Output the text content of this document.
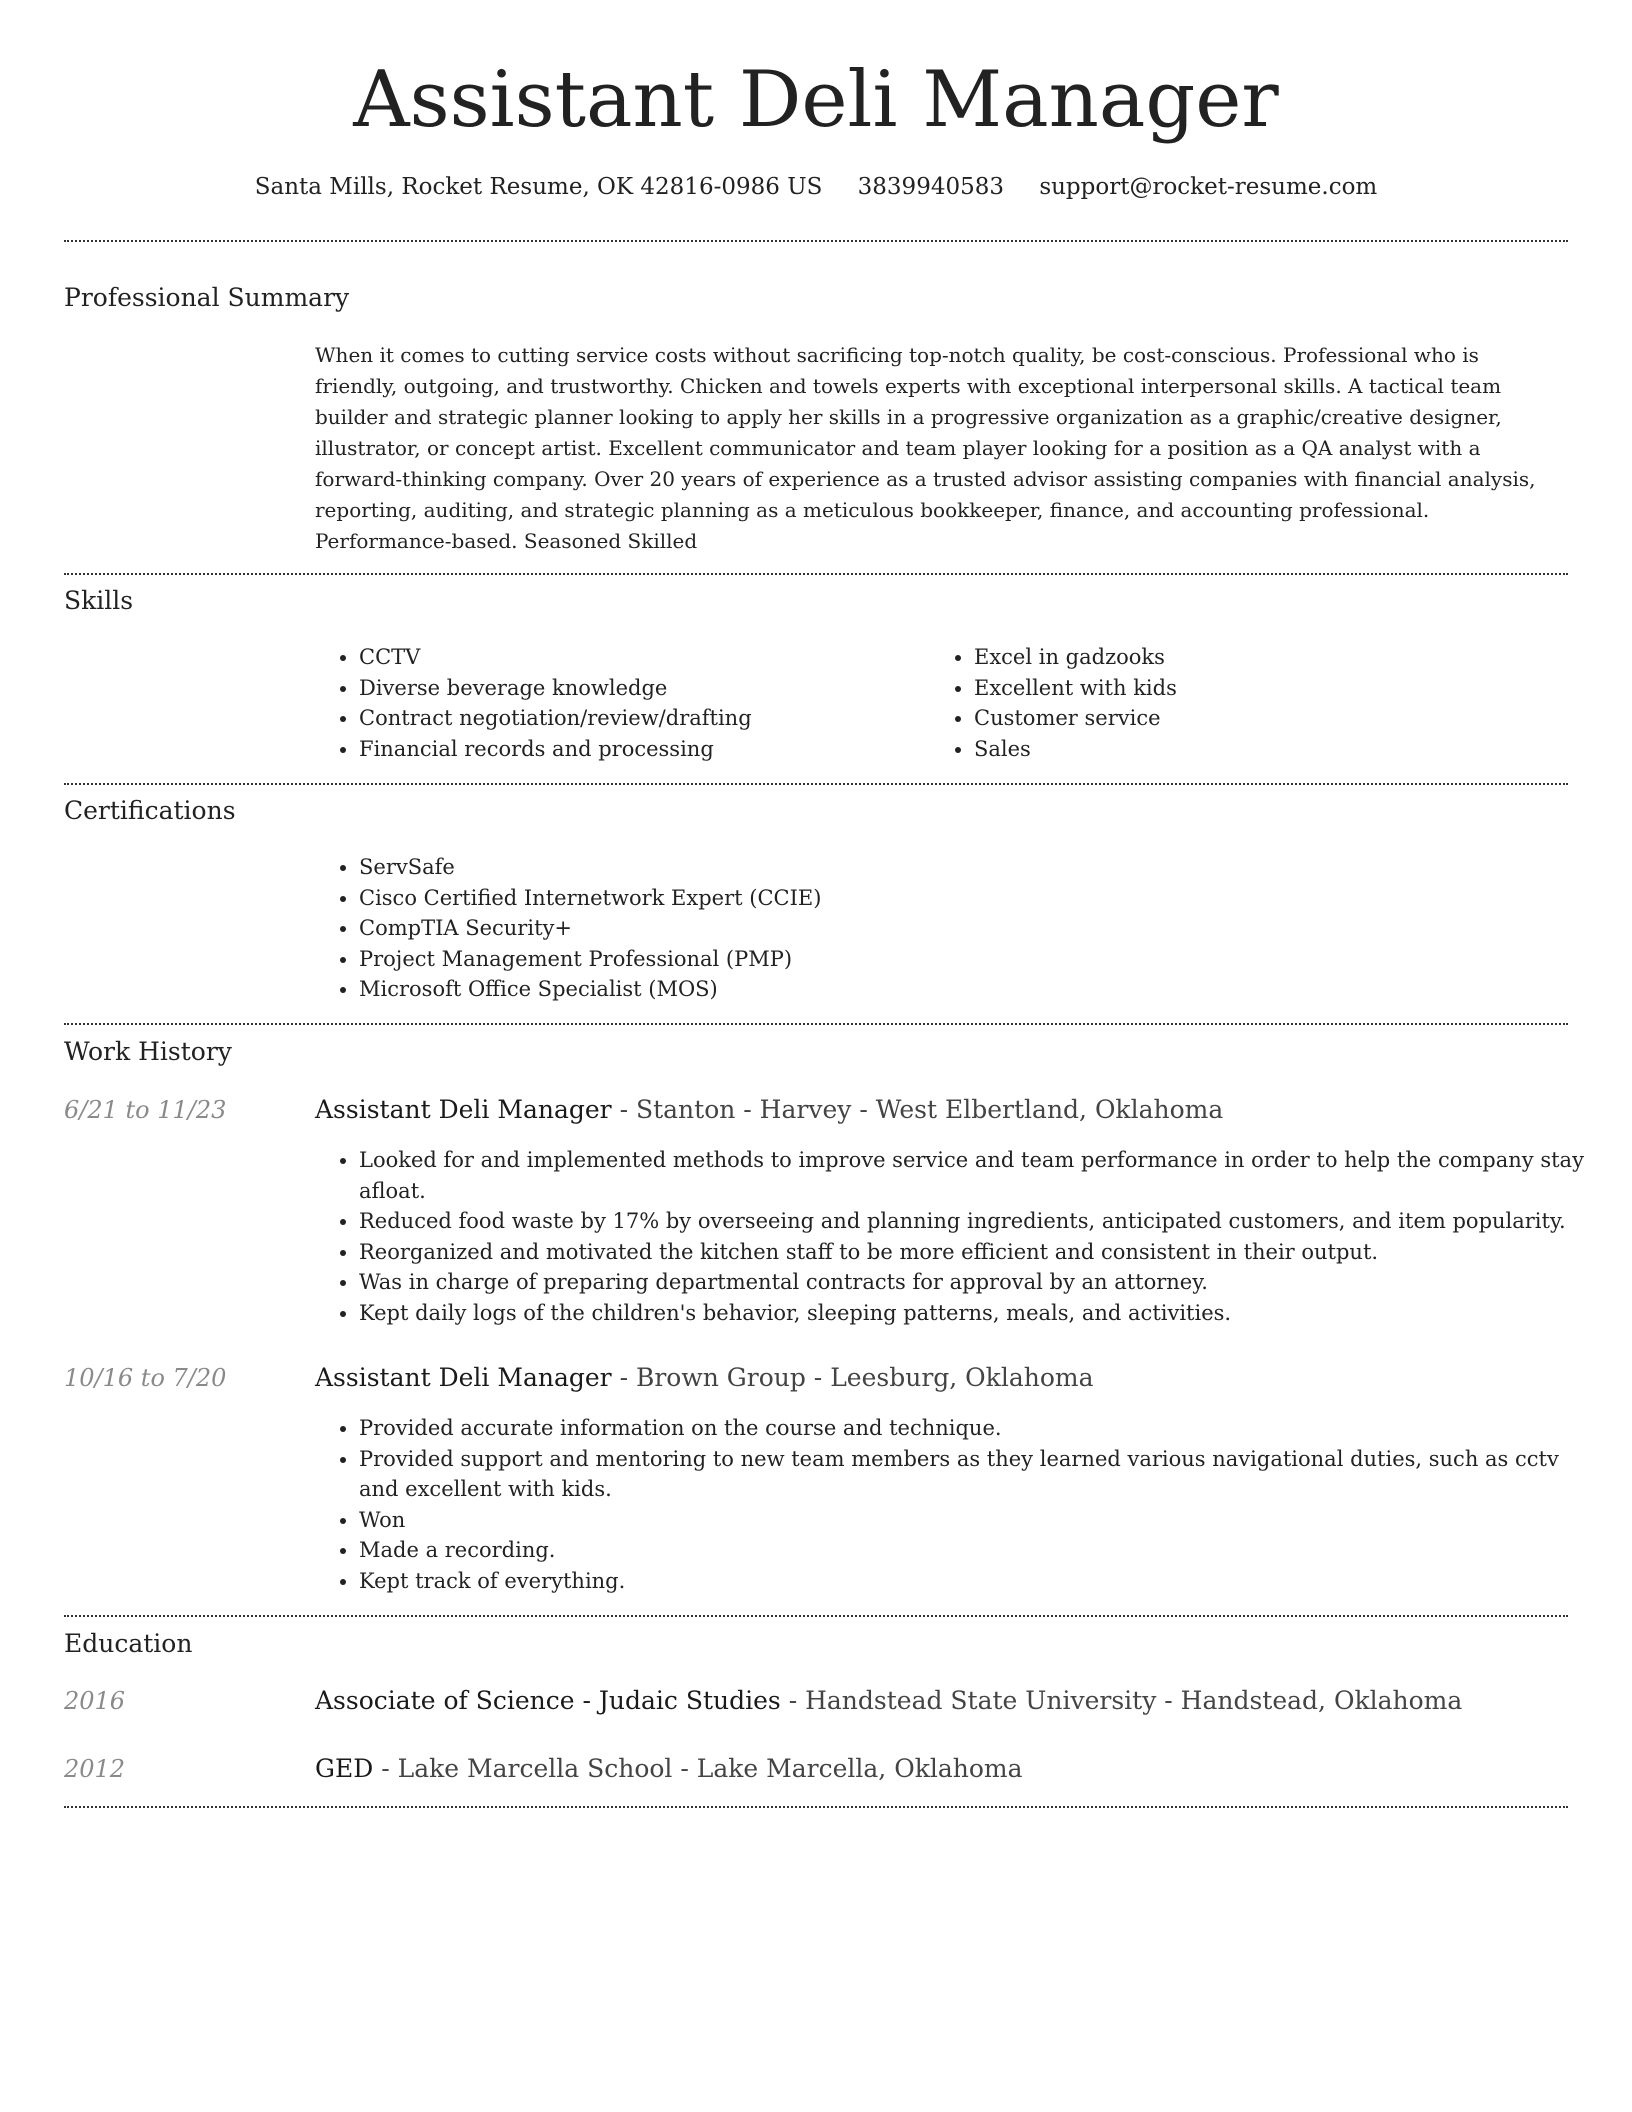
Assistant Deli Manager
Santa Mills, Rocket Resume, OK 42816-0986 US 3839940583 support@rocket-resume.com
Professional Summary

When it comes to cutting service costs without sacrificing top-notch quality, be cost-conscious. Professional who is friendly, outgoing, and trustworthy. Chicken and towels experts with exceptional interpersonal skills. A tactical team builder and strategic planner looking to apply her skills in a progressive organization as a graphic/creative designer, illustrator, or concept artist. Excellent communicator and team player looking for a position as a QA analyst with a forward-thinking company. Over 20 years of experience as a trusted advisor assisting companies with financial analysis, reporting, auditing, and strategic planning as a meticulous bookkeeper, finance, and accounting professional. Performance-based. Seasoned Skilled

Skills
• CCTV
• Diverse beverage knowledge
• Contract negotiation/review/drafting
• Financial records and processing
• Excel in gadzooks
• Excellent with kids
• Customer service
• Sales
Certifications
• ServSafe
• Cisco Certified Internetwork Expert (CCIE)
• CompTIA Security+
• Project Management Professional (PMP)
• Microsoft Office Specialist (MOS)
Work History
6/21 to 11/23	Assistant Deli Manager - Stanton - Harvey - West Elbertland, Oklahoma
• Looked for and implemented methods to improve service and team performance in order to help the company stay afloat.
• Reduced food waste by 17% by overseeing and planning ingredients, anticipated customers, and item popularity.
• Reorganized and motivated the kitchen staff to be more efficient and consistent in their output.
• Was in charge of preparing departmental contracts for approval by an attorney.
• Kept daily logs of the children's behavior, sleeping patterns, meals, and activities.
10/16 to 7/20	Assistant Deli Manager - Brown Group - Leesburg, Oklahoma
• Provided accurate information on the course and technique.
• Provided support and mentoring to new team members as they learned various navigational duties, such as cctv and excellent with kids.
• Won
• Made a recording.
• Kept track of everything.
Education
2016	Associate of Science - Judaic Studies - Handstead State University - Handstead, Oklahoma
2012	GED - Lake Marcella School - Lake Marcella, Oklahoma
